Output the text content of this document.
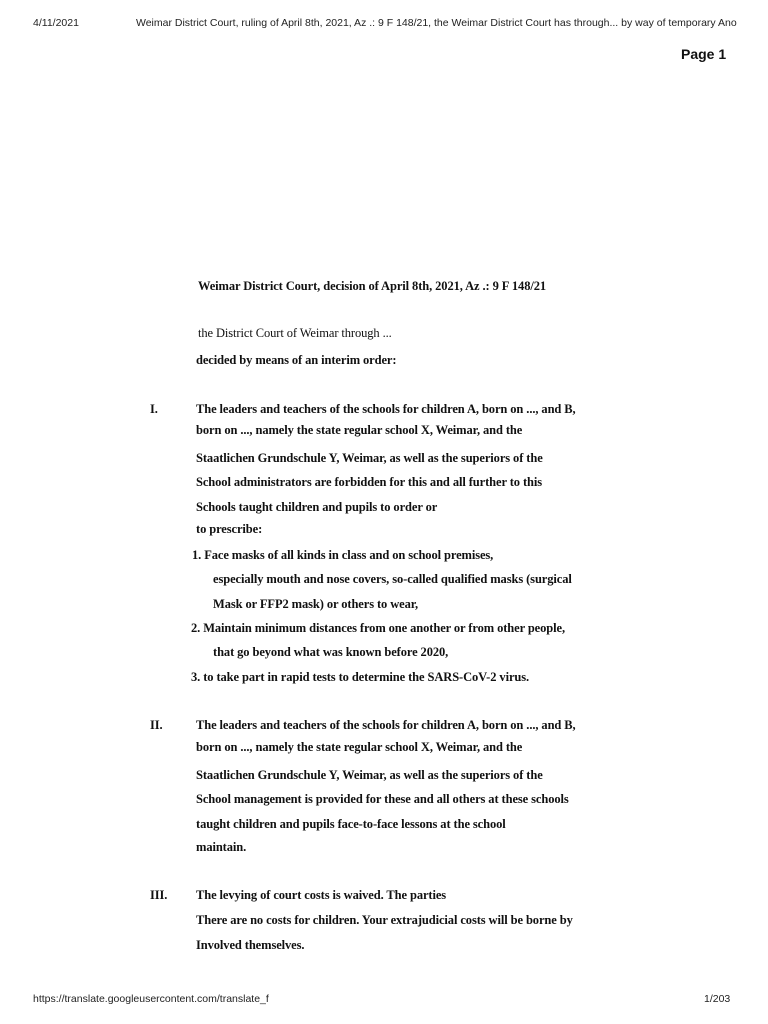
4/11/2021	Weimar District Court, ruling of April 8th, 2021, Az .: 9 F 148/21, the Weimar District Court has through... by way of temporary Ano
Page 1
Weimar District Court, decision of April 8th, 2021, Az .: 9 F 148/21
the District Court of Weimar through ...
decided by means of an interim order:
I.	The leaders and teachers of the schools for children A, born on ..., and B,
born on ..., namely the state regular school X, Weimar, and the
Staatlichen Grundschule Y, Weimar, as well as the superiors of the
School administrators are forbidden for this and all further to this
Schools taught children and pupils to order or
to prescribe:
1. Face masks of all kinds in class and on school premises,
especially mouth and nose covers, so-called qualified masks (surgical
Mask or FFP2 mask) or others to wear,
2. Maintain minimum distances from one another or from other people,
that go beyond what was known before 2020,
3. to take part in rapid tests to determine the SARS-CoV-2 virus.
II.	The leaders and teachers of the schools for children A, born on ..., and B,
born on ..., namely the state regular school X, Weimar, and the
Staatlichen Grundschule Y, Weimar, as well as the superiors of the
School management is provided for these and all others at these schools
taught children and pupils face-to-face lessons at the school
maintain.
III. The levying of court costs is waived. The parties
There are no costs for children. Your extrajudicial costs will be borne by
Involved themselves.
https://translate.googleusercontent.com/translate_f	1/203
